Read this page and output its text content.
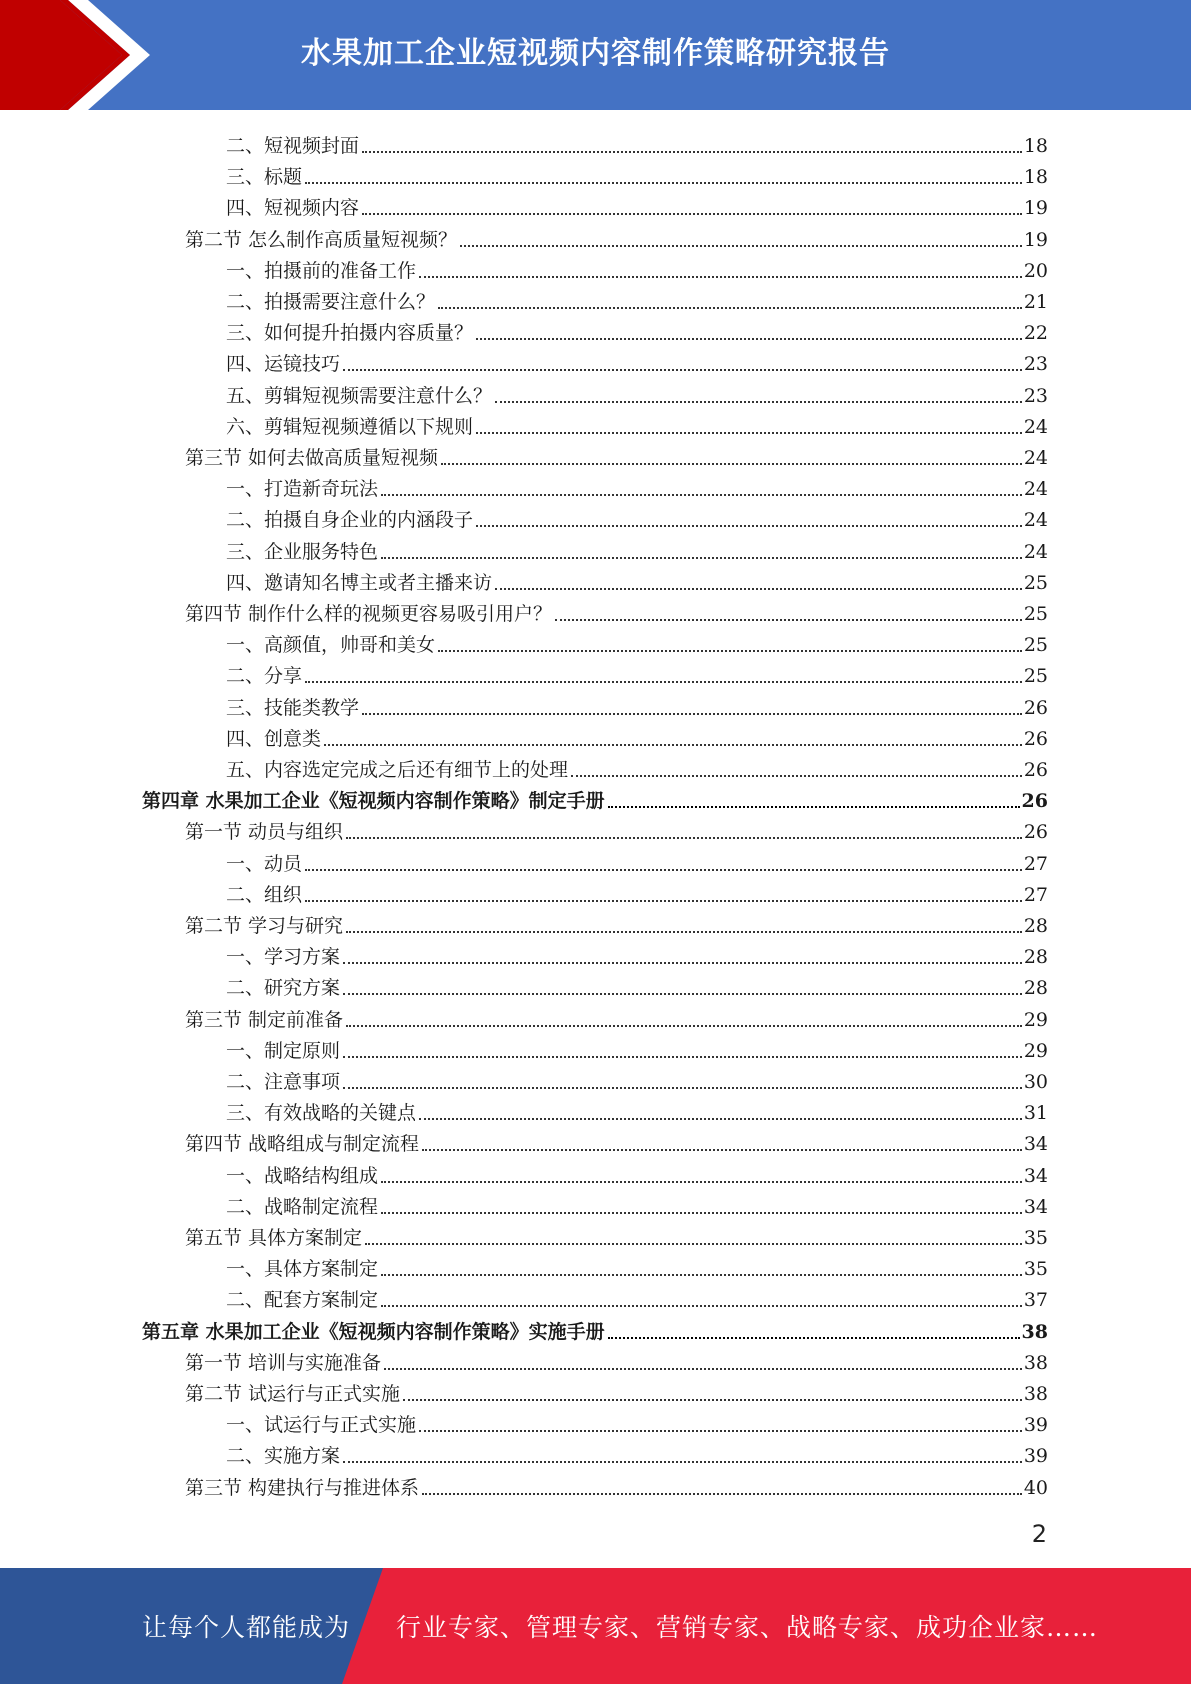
水果加工企业短视频内容制作策略研究报告
二、短视频封面	18
三、标题	18
四、短视频内容	19
第二节 怎么制作高质量短视频？	19
一、拍摄前的准备工作	20
二、拍摄需要注意什么？	21
三、如何提升拍摄内容质量？	22
四、运镜技巧	23
五、剪辑短视频需要注意什么？	23
六、剪辑短视频遵循以下规则	24
第三节 如何去做高质量短视频	24
一、打造新奇玩法	24
二、拍摄自身企业的内涵段子	24
三、企业服务特色	24
四、邀请知名博主或者主播来访	25
第四节 制作什么样的视频更容易吸引用户？	25
一、高颜值，帅哥和美女	25
二、分享	25
三、技能类教学	26
四、创意类	26
五、内容选定完成之后还有细节上的处理	26
第四章 水果加工企业《短视频内容制作策略》制定手册	26
第一节 动员与组织	26
一、动员	27
二、组织	27
第二节 学习与研究	28
一、学习方案	28
二、研究方案	28
第三节 制定前准备	29
一、制定原则	29
二、注意事项	30
三、有效战略的关键点	31
第四节 战略组成与制定流程	34
一、战略结构组成	34
二、战略制定流程	34
第五节 具体方案制定	35
一、具体方案制定	35
二、配套方案制定	37
第五章 水果加工企业《短视频内容制作策略》实施手册	38
第一节 培训与实施准备	38
第二节 试运行与正式实施	38
一、试运行与正式实施	39
二、实施方案	39
第三节 构建执行与推进体系	40
2
让每个人都能成为 行业专家、管理专家、营销专家、战略专家、成功企业家……
